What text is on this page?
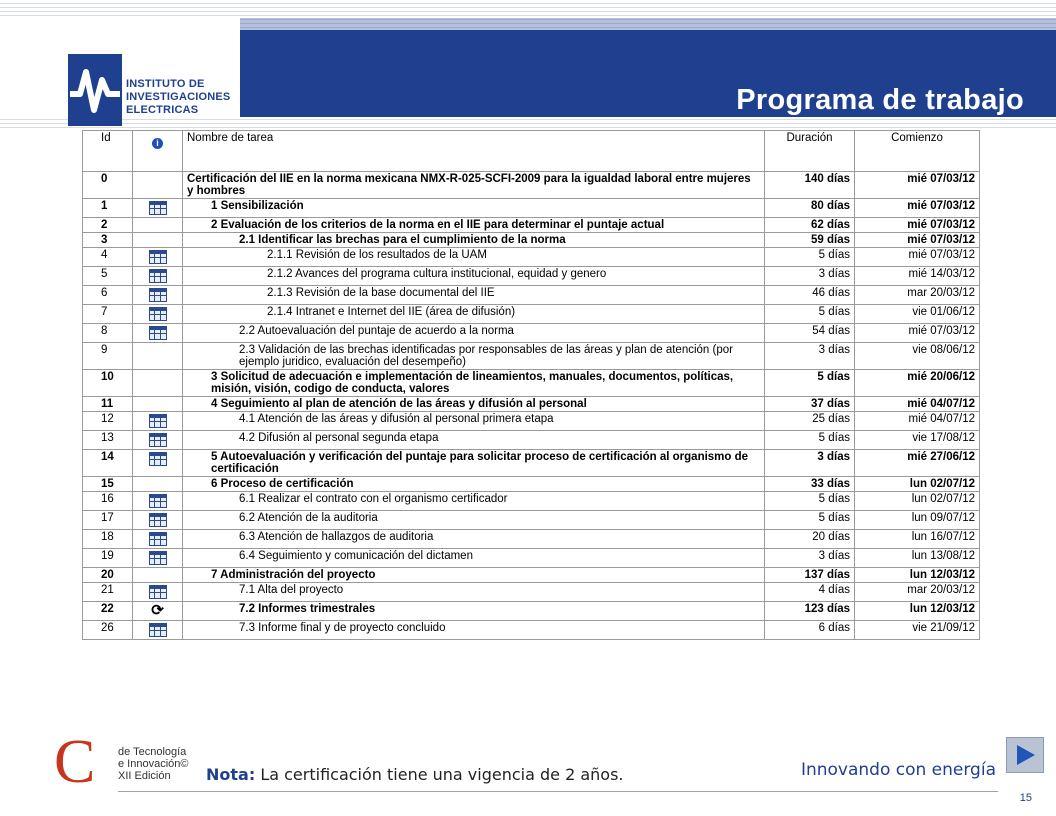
Programa de trabajo
INSTITUTO DE
INVESTIGACIONES
ELECTRICAS
Id	i	Nombre de tarea	Duración	Comienzo
0		Certificación del IIE en la norma mexicana NMX-R-025-SCFI-2009 para la igualdad laboral entre mujeres y hombres	140 días	mié 07/03/12
1		1 Sensibilización	80 días	mié 07/03/12
2		2 Evaluación de los criterios de la norma en el IIE para determinar el puntaje actual	62 días	mié 07/03/12
3		2.1 Identificar las brechas para el cumplimiento de la norma	59 días	mié 07/03/12
4		2.1.1 Revisión de los resultados de la UAM	5 días	mié 07/03/12
5		2.1.2 Avances del programa cultura institucional, equidad y genero	3 días	mié 14/03/12
6		2.1.3 Revisión de la base documental del IIE	46 días	mar 20/03/12
7		2.1.4 Intranet e Internet del IIE (área de difusión)	5 días	vie 01/06/12
8		2.2 Autoevaluación del puntaje de acuerdo a la norma	54 días	mié 07/03/12
9		2.3 Validación de las brechas identificadas por responsables de las áreas y plan de atención (por ejemplo juridico, evaluación del desempeño)	3 días	vie 08/06/12
10		3 Solicitud de adecuación e implementación de lineamientos, manuales, documentos, políticas, misión, visión, codigo de conducta, valores	5 días	mié 20/06/12
11		4 Seguimiento al plan de atención de las áreas y difusión al personal	37 días	mié 04/07/12
12		4.1 Atención de las áreas y difusión al personal primera etapa	25 días	mié 04/07/12
13		4.2 Difusión al personal segunda etapa	5 días	vie 17/08/12
14		5 Autoevaluación y verificación del puntaje para solicitar proceso de certificación al organismo de certificación	3 días	mié 27/06/12
15		6 Proceso de certificación	33 días	lun 02/07/12
16		6.1 Realizar el contrato con el organismo certificador	5 días	lun 02/07/12
17		6.2 Atención de la auditoria	5 días	lun 09/07/12
18		6.3 Atención de hallazgos de auditoria	20 días	lun 16/07/12
19		6.4 Seguimiento y comunicación del dictamen	3 días	lun 13/08/12
20		7 Administración del proyecto	137 días	lun 12/03/12
21		7.1 Alta del proyecto	4 días	mar 20/03/12
22	⟳	7.2 Informes trimestrales	123 días	lun 12/03/12
26		7.3 Informe final y de proyecto concluido	6 días	vie 21/09/12
C de Tecnología
e Innovación©
XII Edición	Nota: La certificación tiene una vigencia de 2 años.	Innovando con energía
15
